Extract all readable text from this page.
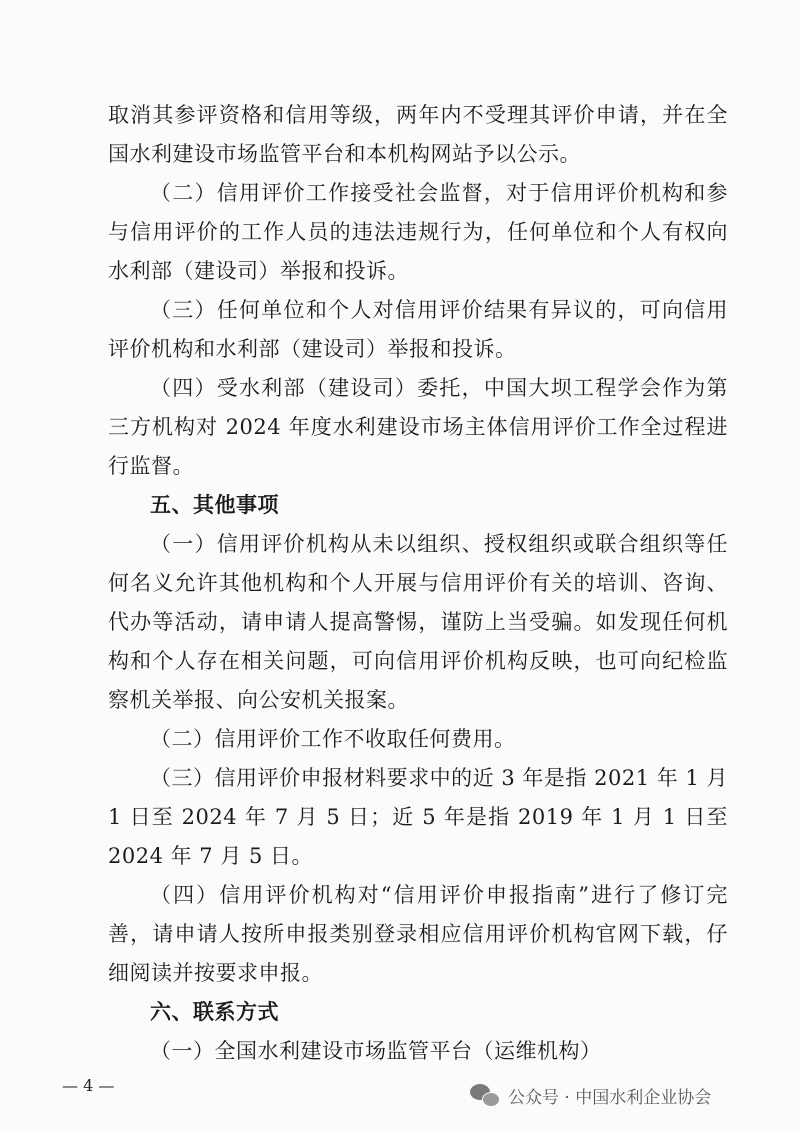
取消其参评资格和信用等级，两年内不受理其评价申请，并在全国水利建设市场监管平台和本机构网站予以公示。

（二）信用评价工作接受社会监督，对于信用评价机构和参与信用评价的工作人员的违法违规行为，任何单位和个人有权向水利部（建设司）举报和投诉。

（三）任何单位和个人对信用评价结果有异议的，可向信用评价机构和水利部（建设司）举报和投诉。

（四）受水利部（建设司）委托，中国大坝工程学会作为第三方机构对 2024 年度水利建设市场主体信用评价工作全过程进行监督。

五、其他事项

（一）信用评价机构从未以组织、授权组织或联合组织等任何名义允许其他机构和个人开展与信用评价有关的培训、咨询、代办等活动，请申请人提高警惕，谨防上当受骗。如发现任何机构和个人存在相关问题，可向信用评价机构反映，也可向纪检监察机关举报、向公安机关报案。

（二）信用评价工作不收取任何费用。

（三）信用评价申报材料要求中的近 3 年是指 2021 年 1 月 1 日至 2024 年 7 月 5 日；近 5 年是指 2019 年 1 月 1 日至 2024 年 7 月 5 日。

（四）信用评价机构对“信用评价申报指南”进行了修订完善，请申请人按所申报类别登录相应信用评价机构官网下载，仔细阅读并按要求申报。

六、联系方式

（一）全国水利建设市场监管平台（运维机构）

— 4 —
公众号 · 中国水利企业协会
